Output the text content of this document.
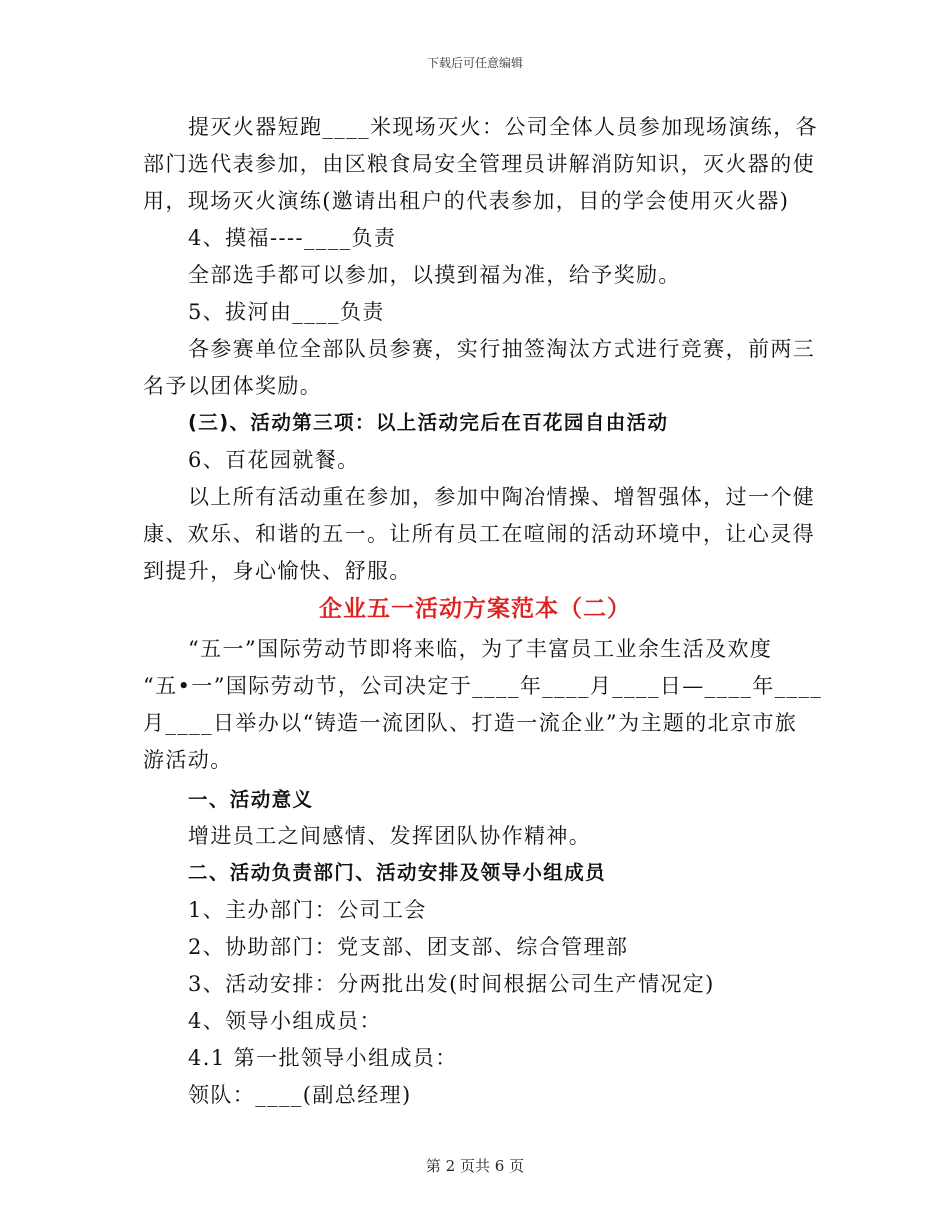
下载后可任意编辑
提灭火器短跑____米现场灭火：公司全体人员参加现场演练，各
部门选代表参加，由区粮食局安全管理员讲解消防知识，灭火器的使
用，现场灭火演练(邀请出租户的代表参加，目的学会使用灭火器)
4、摸福----____负责
全部选手都可以参加，以摸到福为准，给予奖励。
5、拔河由____负责
各参赛单位全部队员参赛，实行抽签淘汰方式进行竞赛，前两三
名予以团体奖励。
(三)、活动第三项：以上活动完后在百花园自由活动
6、百花园就餐。
以上所有活动重在参加，参加中陶冶情操、增智强体，过一个健
康、欢乐、和谐的五一。让所有员工在喧闹的活动环境中，让心灵得
到提升，身心愉快、舒服。
企业五一活动方案范本（二）
“五一”国际劳动节即将来临，为了丰富员工业余生活及欢度
“五•一”国际劳动节，公司决定于____年____月____日—____年____
月____日举办以“铸造一流团队、打造一流企业”为主题的北京市旅
游活动。
一、活动意义
增进员工之间感情、发挥团队协作精神。
二、活动负责部门、活动安排及领导小组成员
1、主办部门：公司工会
2、协助部门：党支部、团支部、综合管理部
3、活动安排：分两批出发(时间根据公司生产情况定)
4、领导小组成员：
4.1 第一批领导小组成员：
领队：____(副总经理)
第 2 页共 6 页
